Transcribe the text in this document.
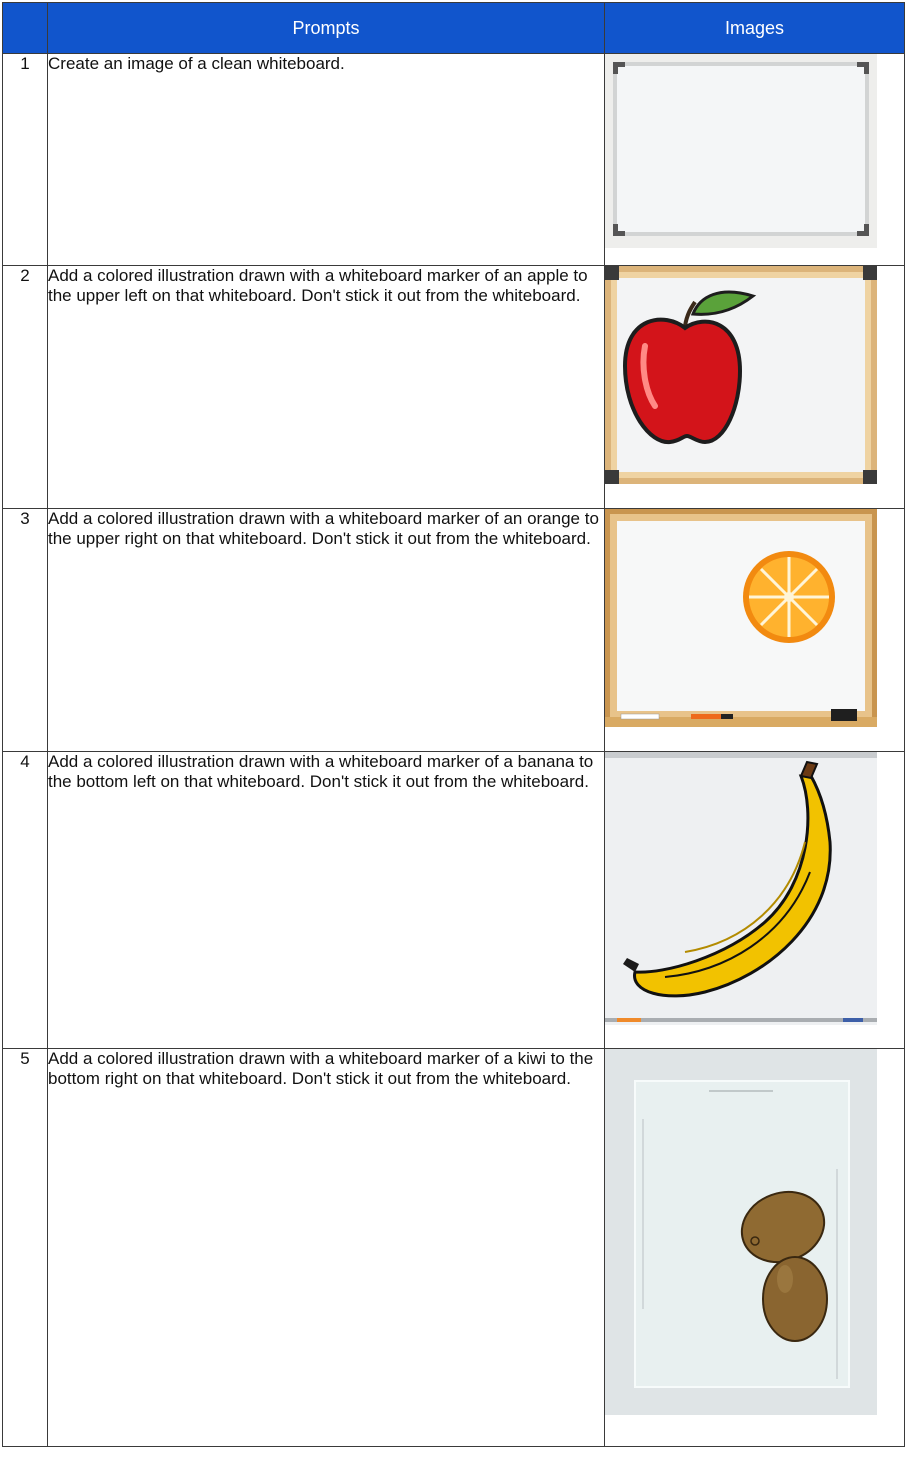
	Prompts	Images
1	Create an image of a clean whiteboard.	

2	Add a colored illustration drawn with a whiteboard marker of an apple to the upper left on that whiteboard. Don't stick it out from the whiteboard.	

3	Add a colored illustration drawn with a whiteboard marker of an orange to the upper right on that whiteboard. Don't stick it out from the whiteboard.	

4	Add a colored illustration drawn with a whiteboard marker of a banana to the bottom left on that whiteboard. Don't stick it out from the whiteboard.	

5	Add a colored illustration drawn with a whiteboard marker of a kiwi to the bottom right on that whiteboard. Don't stick it out from the whiteboard.	
